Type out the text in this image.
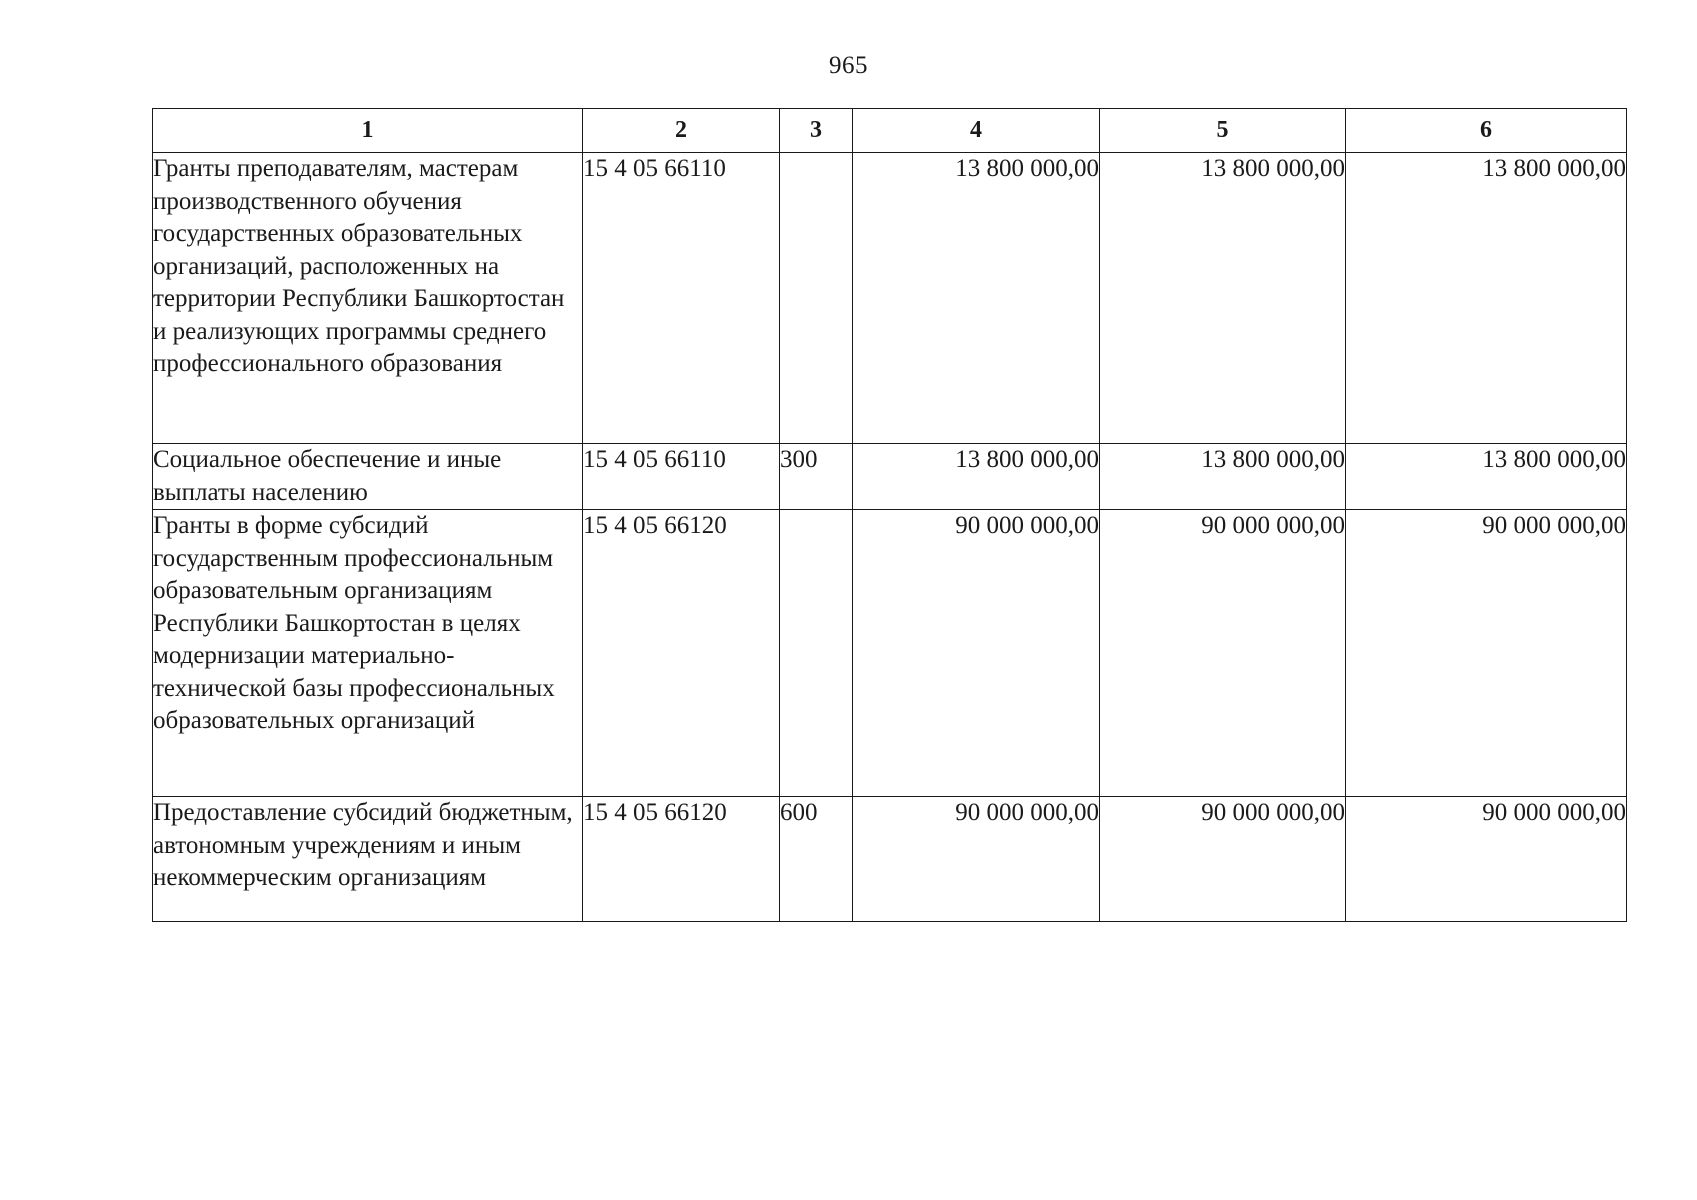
965
1	2	3	4	5	6
Гранты преподавателям, мастерам производственного обучения государственных образовательных организаций, расположенных на территории Республики Башкортостан и реализующих программы среднего профессионального образования	15 4 05 66110		13 800 000,00	13 800 000,00	13 800 000,00
Социальное обеспечение и иные выплаты населению	15 4 05 66110	300	13 800 000,00	13 800 000,00	13 800 000,00
Гранты в форме субсидий государственным профессиональным образовательным организациям Республики Башкортостан в целях модернизации материально-технической базы профессиональных образовательных организаций	15 4 05 66120		90 000 000,00	90 000 000,00	90 000 000,00
Предоставление субсидий бюджетным, автономным учреждениям и иным некоммерческим организациям	15 4 05 66120	600	90 000 000,00	90 000 000,00	90 000 000,00
